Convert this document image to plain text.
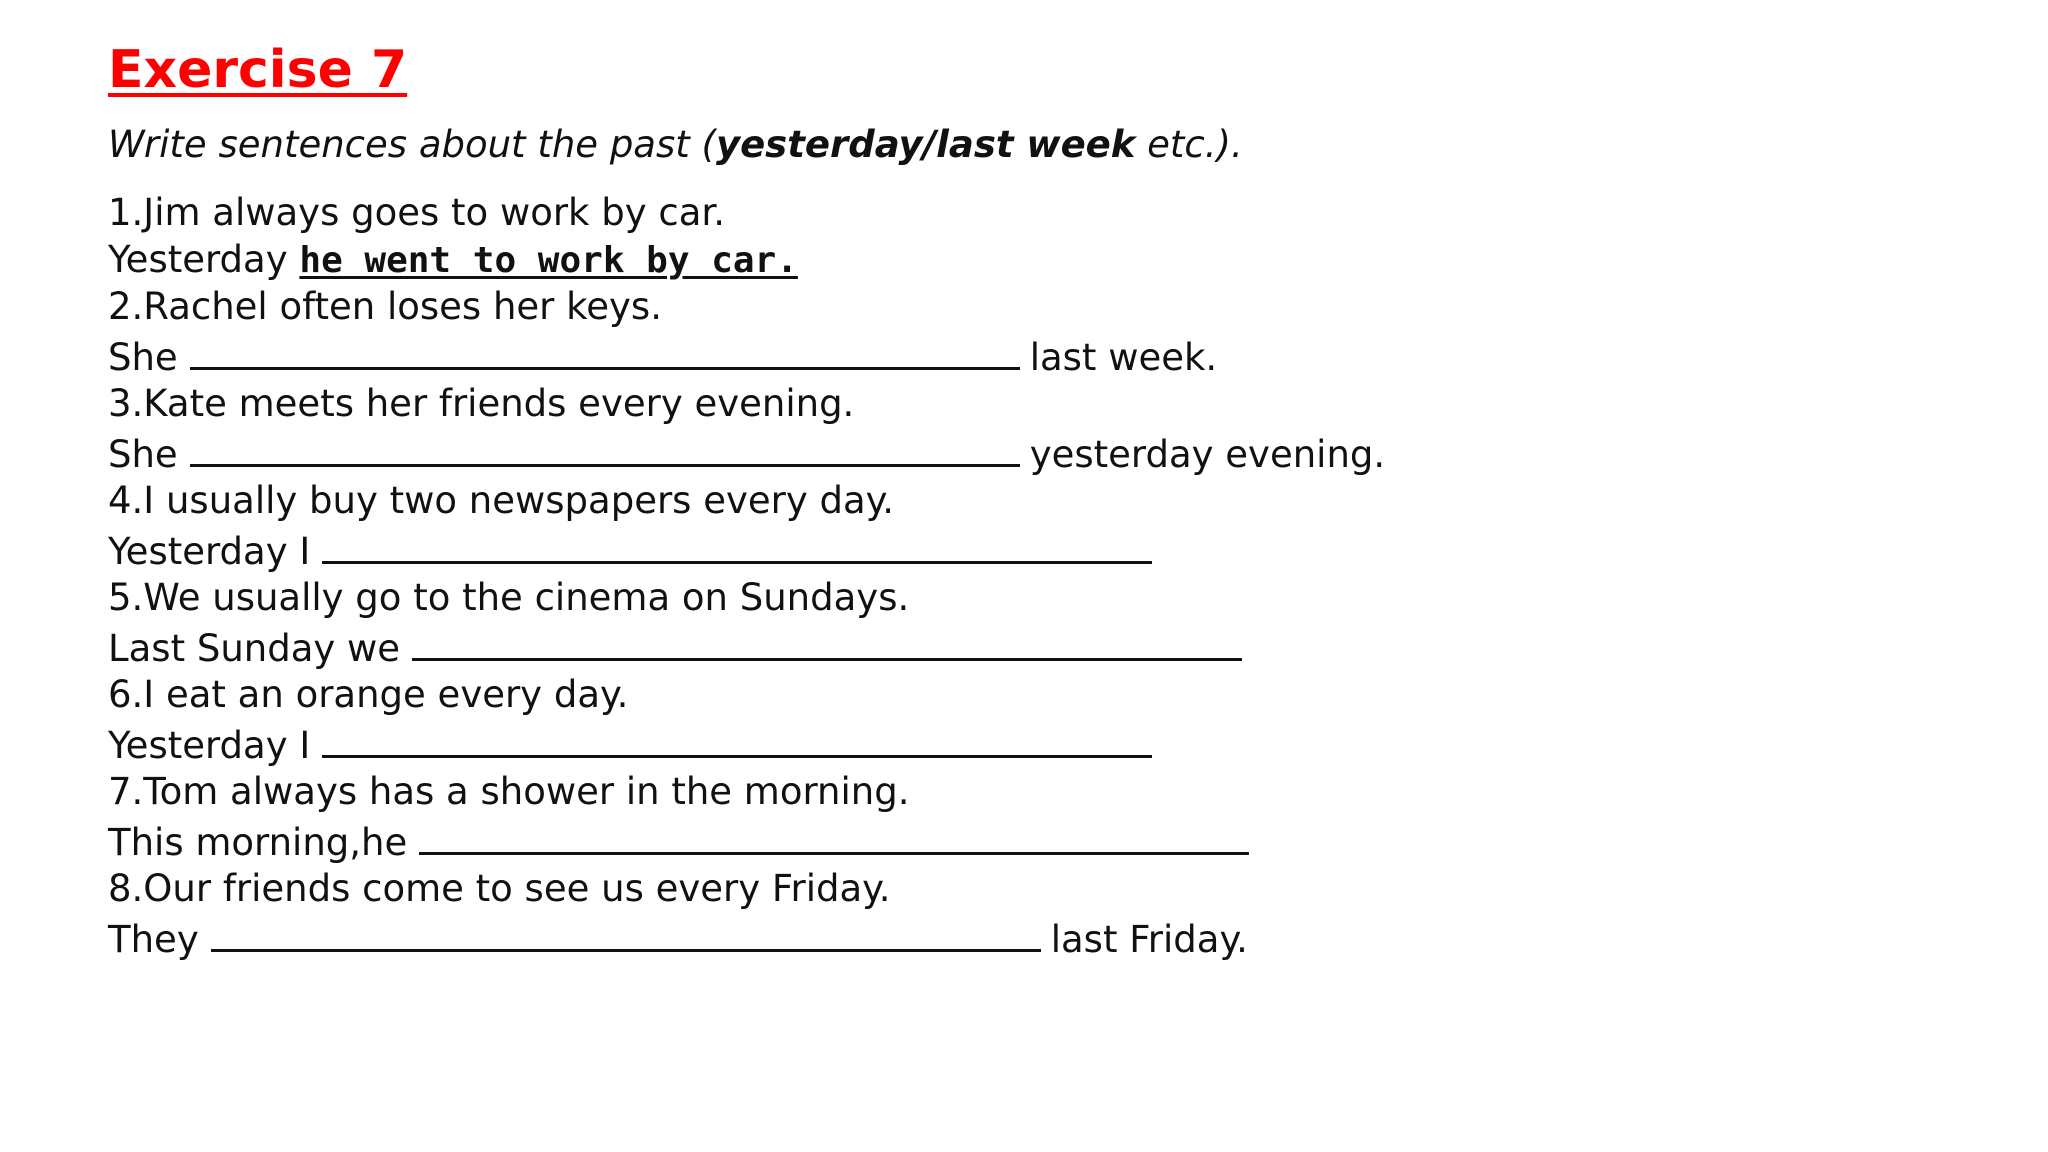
Exercise 7
Write sentences about the past (yesterday/last week etc.).
1.Jim always goes to work by car.
Yesterday he went to work by car.
2.Rachel often loses her keys.
She	last week.
3.Kate meets her friends every evening.
She	yesterday evening.
4.I usually buy two newspapers every day.
Yesterday I
5.We usually go to the cinema on Sundays.
Last Sunday we
6.I eat an orange every day.
Yesterday I
7.Tom always has a shower in the morning.
This morning,he
8.Our friends come to see us every Friday.
They	last Friday.
